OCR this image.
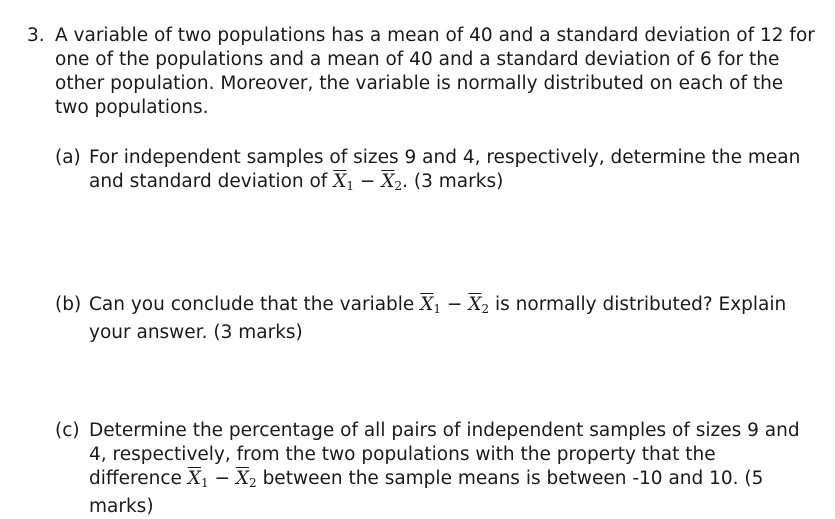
3. A variable of two populations has a mean of 40 and a standard deviation of 12 for one of the populations and a mean of 40 and a standard deviation of 6 for the other population. Moreover, the variable is normally distributed on each of the two populations.
(a) For independent samples of sizes 9 and 4, respectively, determine the mean and standard deviation of $\overline{X}_1 - \overline{X}_2$. (3 marks)
(b) Can you conclude that the variable $\overline{X}_1 - \overline{X}_2$ is normally distributed? Explain your answer. (3 marks)
(c) Determine the percentage of all pairs of independent samples of sizes 9 and 4, respectively, from the two populations with the property that the difference $\overline{X}_1 - \overline{X}_2$ between the sample means is between -10 and 10. (5 marks)
